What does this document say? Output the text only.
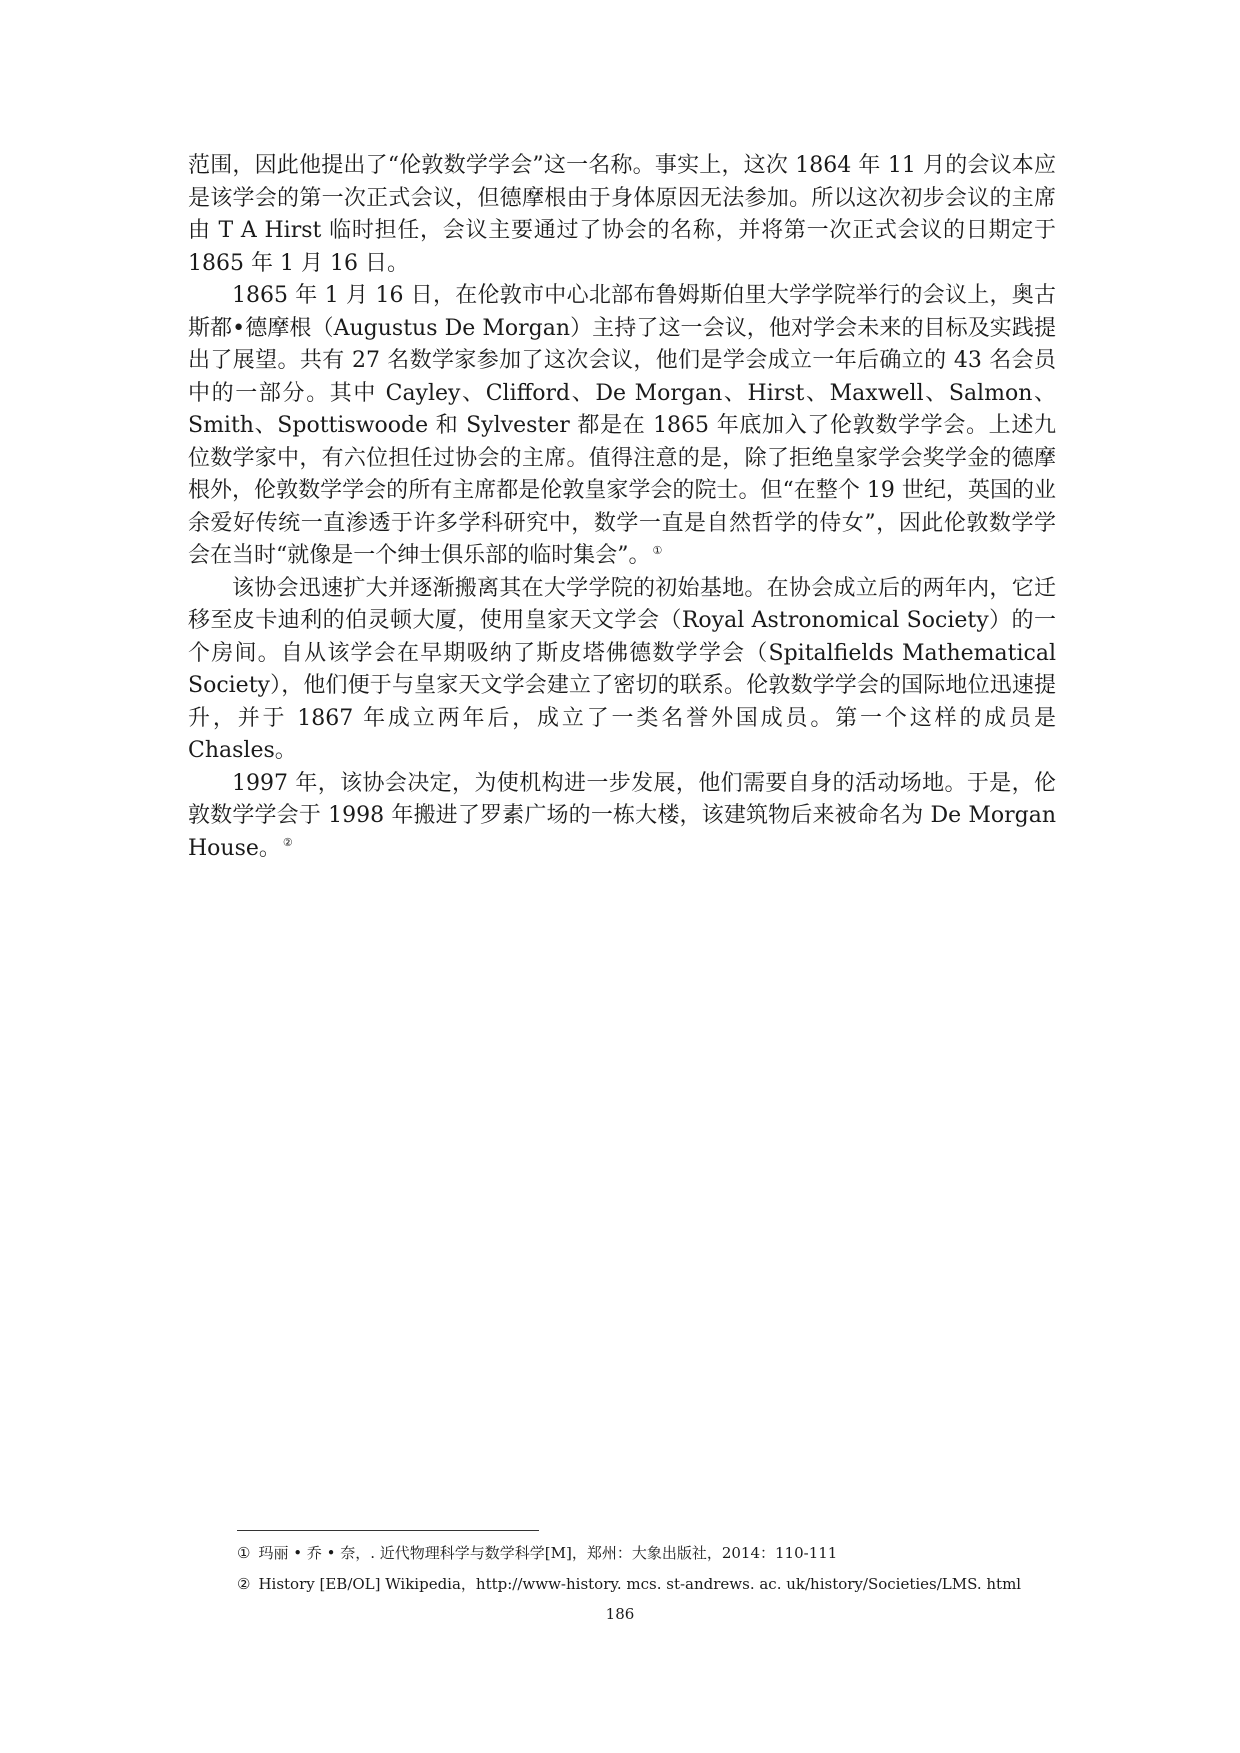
范围，因此他提出了“伦敦数学学会”这一名称。事实上，这次 1864 年 11 月的会议本应是该学会的第一次正式会议，但德摩根由于身体原因无法参加。所以这次初步会议的主席由 T A Hirst 临时担任，会议主要通过了协会的名称，并将第一次正式会议的日期定于 1865 年 1 月 16 日。

1865 年 1 月 16 日，在伦敦市中心北部布鲁姆斯伯里大学学院举行的会议上，奥古斯都•德摩根（Augustus De Morgan）主持了这一会议，他对学会未来的目标及实践提出了展望。共有 27 名数学家参加了这次会议，他们是学会成立一年后确立的 43 名会员中的一部分。其中 Cayley、Clifford、De Morgan、Hirst、Maxwell、Salmon、Smith、Spottiswoode 和 Sylvester 都是在 1865 年底加入了伦敦数学学会。上述九位数学家中，有六位担任过协会的主席。值得注意的是，除了拒绝皇家学会奖学金的德摩根外，伦敦数学学会的所有主席都是伦敦皇家学会的院士。但“在整个 19 世纪，英国的业余爱好传统一直渗透于许多学科研究中，数学一直是自然哲学的侍女”，因此伦敦数学学会在当时“就像是一个绅士俱乐部的临时集会”。 ①

该协会迅速扩大并逐渐搬离其在大学学院的初始基地。在协会成立后的两年内，它迁移至皮卡迪利的伯灵顿大厦，使用皇家天文学会（Royal Astronomical Society）的一个房间。自从该学会在早期吸纳了斯皮塔佛德数学学会（Spitalfields Mathematical Society），他们便于与皇家天文学会建立了密切的联系。伦敦数学学会的国际地位迅速提升，并于 1867 年成立两年后，成立了一类名誉外国成员。第一个这样的成员是 Chasles。

1997 年，该协会决定，为使机构进一步发展，他们需要自身的活动场地。于是，伦敦数学学会于 1998 年搬进了罗素广场的一栋大楼，该建筑物后来被命名为 De Morgan House。 ②

① 玛丽 • 乔 • 奈，. 近代物理科学与数学科学[M]，郑州：大象出版社，2014：110-111

② History [EB/OL] Wikipedia，http://www-history. mcs. st-andrews. ac. uk/history/Societies/LMS. html

186
